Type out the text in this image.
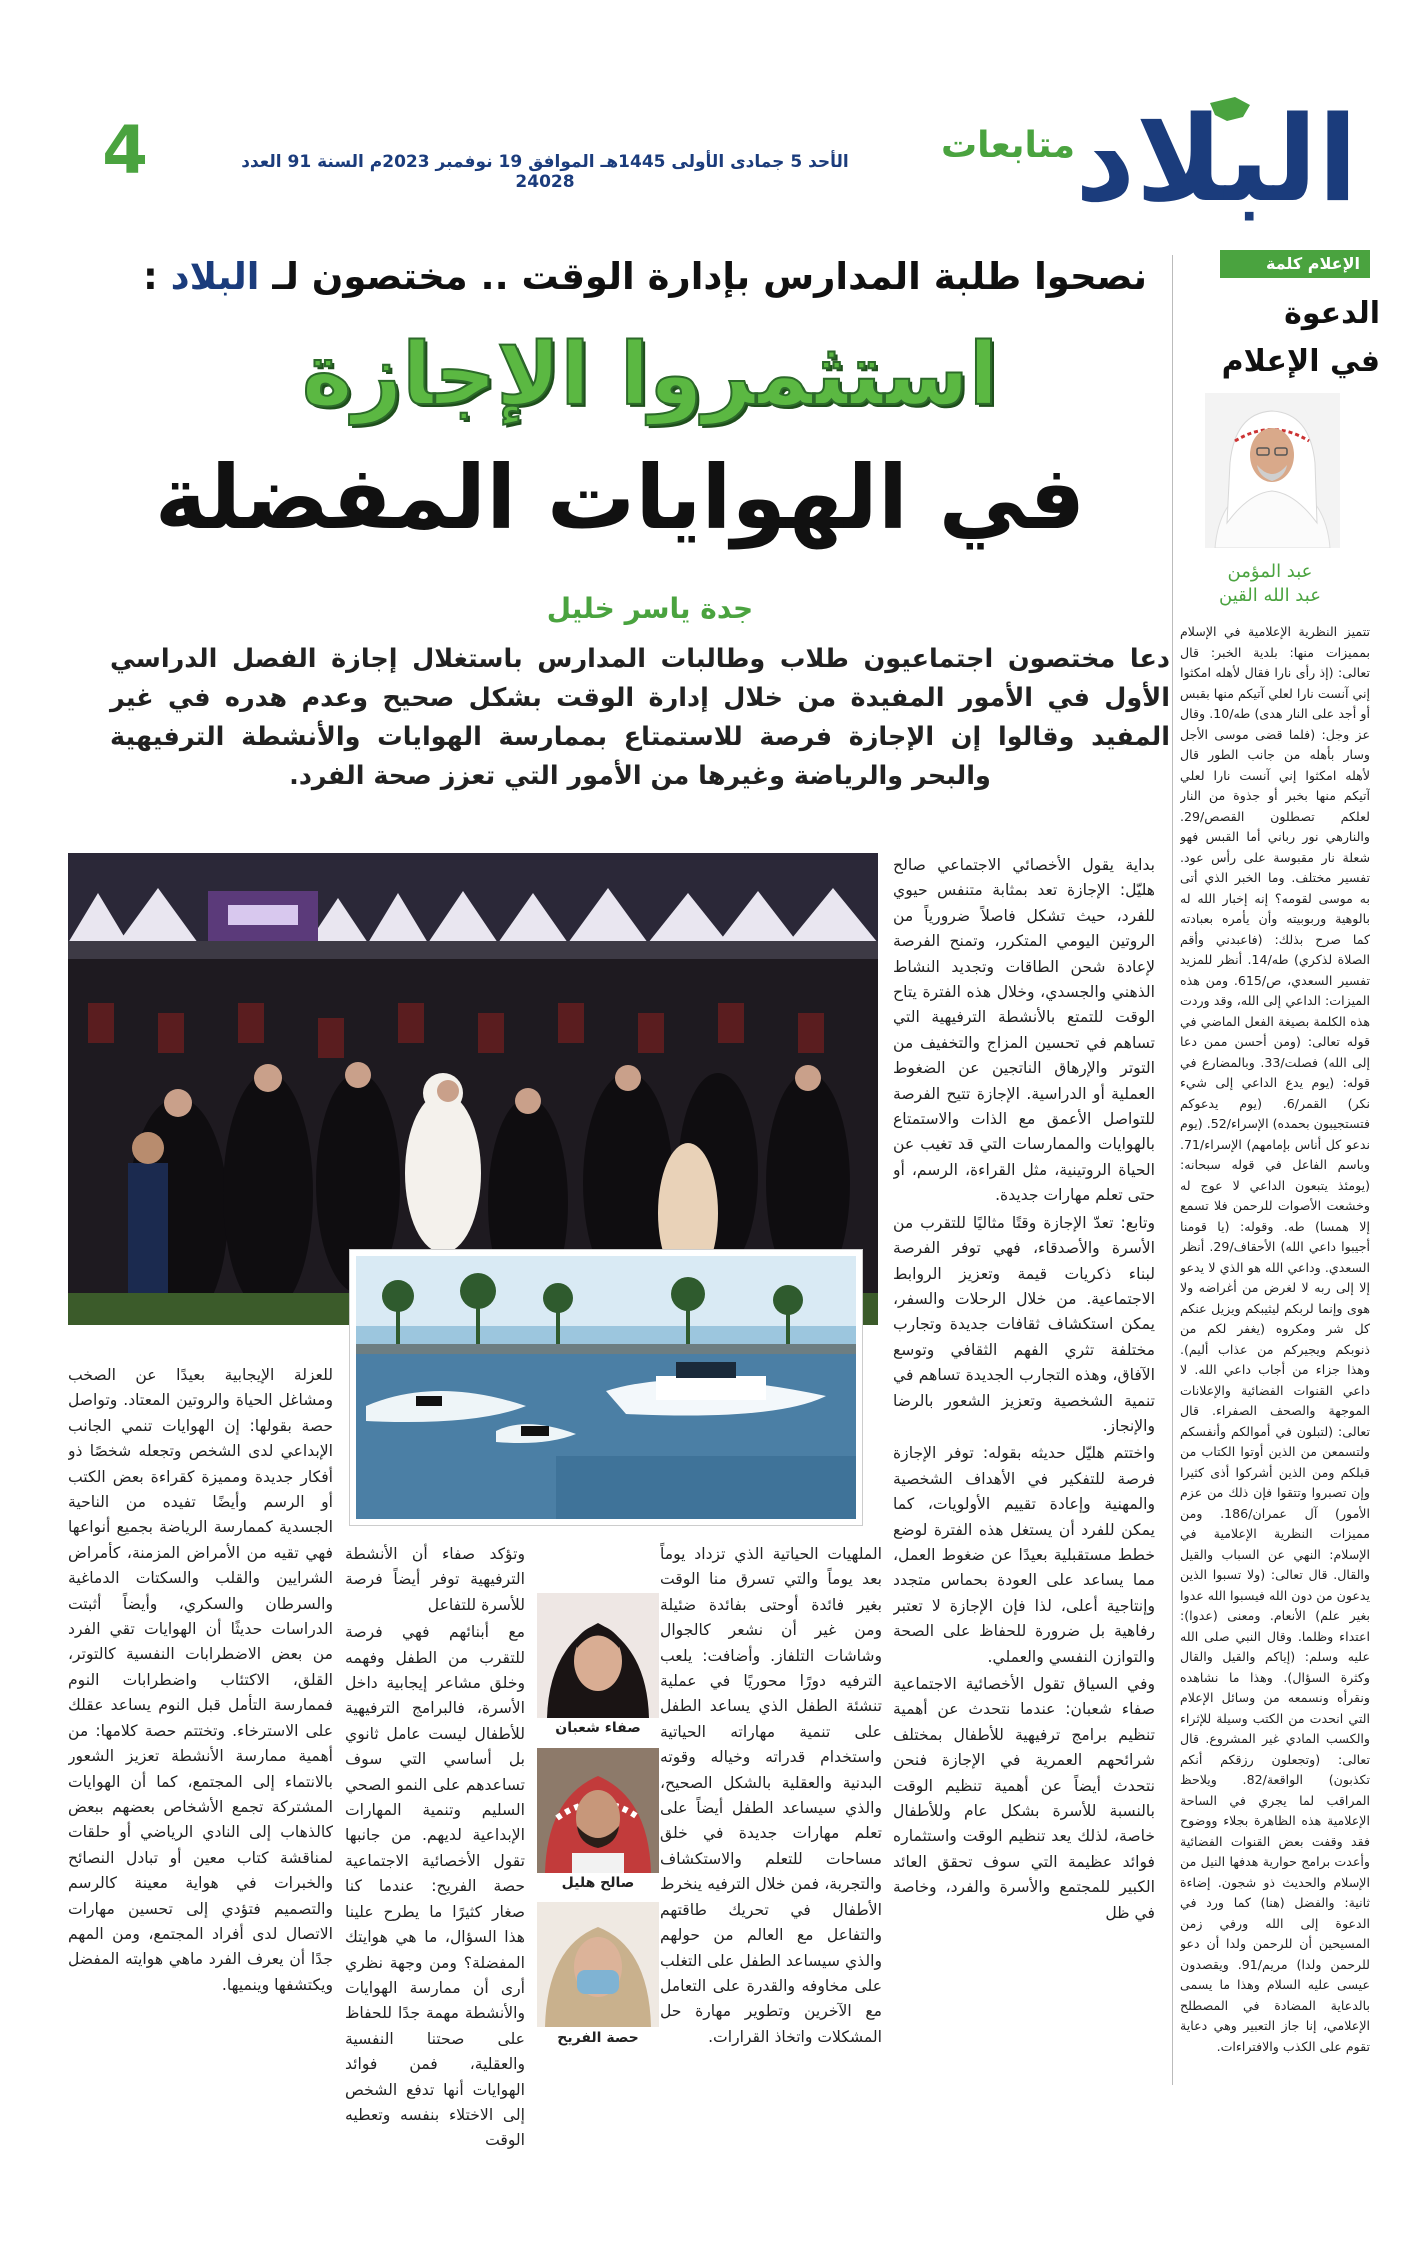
البلاد
متابعات
الأحد 5 جمادى الأولى 1445هـ الموافق 19 نوفمبر 2023م السنة 91 العدد 24028
4
الإعلام كلمة
الدعوة
في الإعلام
عبد المؤمن
عبد الله القين
تتميز النظرية الإعلامية في الإسلام بمميزات منها: بلدية الخبر: قال تعالى: (إذ رأى نارا فقال لأهله امكثوا إني آنست نارا لعلي آتيكم منها بقبس أو أجد على النار هدى) طه/10. وقال عز وجل: (فلما قضى موسى الأجل وسار بأهله من جانب الطور قال لأهله امكثوا إني آنست نارا لعلي آتيكم منها بخبر أو جذوة من النار لعلكم تصطلون القصص/29. والنارهي نور رباني أما القبس فهو شعلة نار مقبوسة على رأس عود. تفسير مختلف. وما الخبر الذي أتى به موسى لقومه؟ إنه إخبار الله له بالوهية وربوبيته وأن يأمره بعبادته كما صرح بذلك: (فاعبدني وأقم الصلاة لذكري) طه/14. أنظر للمزيد تفسير السعدي، ص/615. ومن هذه الميزات: الداعي إلى الله، وقد وردت هذه الكلمة بصيغة الفعل الماضي في قوله تعالى: (ومن أحسن ممن دعا إلى الله) فصلت/33. وبالمضارع في قوله: (يوم يدع الداعي إلى شيء نكر) القمر/6. (يوم يدعوكم فتستجيبون بحمده) الإسراء/52. (يوم ندعو كل أناس بإمامهم) الإسراء/71. وباسم الفاعل في قوله سبحانه: (يومئذ يتبعون الداعي لا عوج له وخشعت الأصوات للرحمن فلا تسمع إلا همسا) طه. وقوله: (يا قومنا أجيبوا داعي الله) الأحقاف/29. أنظر السعدي. وداعي الله هو الذي لا يدعو إلا إلى ربه لا لغرض من أغراضه ولا هوى وإنما لربكم ليثيبكم ويزيل عنكم كل شر ومكروه (يغفر لكم من ذنوبكم ويجيركم من عذاب أليم). وهذا جزاء من أجاب داعي الله. لا داعي القنوات الفضائية والإعلانات الموجهة والصحف الصفراء. قال تعالى: (لتبلون في أموالكم وأنفسكم ولتسمعن من الذين أوتوا الكتاب من قبلكم ومن الذين أشركوا أذى كثيرا وإن تصبروا وتتقوا فإن ذلك من عزم الأمور) آل عمران/186. ومن مميزات النظرية الإعلامية في الإسلام: النهي عن السباب والقيل والقال. قال تعالى: (ولا تسبوا الذين يدعون من دون الله فيسبوا الله عدوا بغير علم) الأنعام. ومعنى (عدوا): اعتداء وظلما. وقال النبي صلى الله عليه وسلم: (إياكم والقيل والقال وكثرة السؤال). وهذا ما نشاهده ونقرأه ونسمعه من وسائل الإعلام التي انحدت من الكتب وسيلة للإثراء والكسب المادي غير المشروع. قال تعالى: (وتجعلون رزقكم أنكم تكذبون) الواقعة/82. ويلاحظ المراقب لما يجري في الساحة الإعلامية هذه الظاهرة بجلاء ووضوح فقد وقفت بعض القنوات الفضائية وأعدت برامج حوارية هدفها النيل من الإسلام والحديث ذو شجون. إضاءة ثانية: والفضل (هنا) كما ورد في الدعوة إلى الله ورفي زمن المسيحين أن للرحمن ولدا أن دعو للرحمن ولدا) مريم/91. ويقصدون عيسى عليه السلام وهذا ما يسمى بالدعاية المضادة في المصطلح الإعلامي، إنا جاز التعبير وهي دعاية تقوم على الكذب والافتراءات.
نصحوا طلبة المدارس بإدارة الوقت .. مختصون لـ البلاد :
استثمروا الإجازة
في الهوايات المفضلة
جدة ياسر خليل
دعا مختصون اجتماعيون طلاب وطالبات المدارس باستغلال إجازة الفصل الدراسي الأول في الأمور المفيدة من خلال إدارة الوقت بشكل صحيح وعدم هدره في غير المفيد وقالوا إن الإجازة فرصة للاستمتاع بممارسة الهوايات والأنشطة الترفيهية والبحر والرياضة وغيرها من الأمور التي تعزز صحة الفرد.
صفاء شعبان
صالح هليل
حصة الفريح

بداية يقول الأخصائي الاجتماعي صالح هليّل: الإجازة تعد بمثابة متنفس حيوي للفرد، حيث تشكل فاصلاً ضرورياً من الروتين اليومي المتكرر، وتمنح الفرصة لإعادة شحن الطاقات وتجديد النشاط الذهني والجسدي، وخلال هذه الفترة يتاح الوقت للتمتع بالأنشطة الترفيهية التي تساهم في تحسين المزاج والتخفيف من التوتر والإرهاق الناتجين عن الضغوط العملية أو الدراسية. الإجازة تتيح الفرصة للتواصل الأعمق مع الذات والاستمتاع بالهوايات والممارسات التي قد تغيب عن الحياة الروتينية، مثل القراءة، الرسم، أو حتى تعلم مهارات جديدة.

وتابع: تعدّ الإجازة وقتًا مثاليًا للتقرب من الأسرة والأصدقاء، فهي توفر الفرصة لبناء ذكريات قيمة وتعزيز الروابط الاجتماعية. من خلال الرحلات والسفر، يمكن استكشاف ثقافات جديدة وتجارب مختلفة تثري الفهم الثقافي وتوسع الآفاق، وهذه التجارب الجديدة تساهم في تنمية الشخصية وتعزيز الشعور بالرضا والإنجاز.

واختتم هليّل حديثه بقوله: توفر الإجازة فرصة للتفكير في الأهداف الشخصية والمهنية وإعادة تقييم الأولويات، كما يمكن للفرد أن يستغل هذه الفترة لوضع خطط مستقبلية بعيدًا عن ضغوط العمل، مما يساعد على العودة بحماس متجدد وإنتاجية أعلى، لذا فإن الإجازة لا تعتبر رفاهية بل ضرورة للحفاظ على الصحة والتوازن النفسي والعملي.

وفي السياق تقول الأخصائية الاجتماعية صفاء شعبان: عندما نتحدث عن أهمية تنظيم برامج ترفيهية للأطفال بمختلف شرائحهم العمرية في الإجازة فنحن نتحدث أيضاً عن أهمية تنظيم الوقت بالنسبة للأسرة بشكل عام وللأطفال خاصة، لذلك يعد تنظيم الوقت واستثماره فوائد عظيمة التي سوف تحقق العائد الكبير للمجتمع والأسرة والفرد، وخاصة في ظل

الملهيات الحياتية الذي تزداد يوماً بعد يوماً والتي تسرق منا الوقت بغير فائدة أوحتى بفائدة ضئيلة ومن غير أن نشعر كالجوال وشاشات التلفاز. وأضافت: يلعب الترفيه دورًا محوريًا في عملية تنشئة الطفل الذي يساعد الطفل على تنمية مهاراته الحياتية واستخدام قدراته وخياله وقوته البدنية والعقلية بالشكل الصحيح، والذي سيساعد الطفل أيضاً على تعلم مهارات جديدة في خلق مساحات للتعلم والاستكشاف والتجربة، فمن خلال الترفيه ينخرط الأطفال في تحريك طاقتهم والتفاعل مع العالم من حولهم والذي سيساعد الطفل على التغلب على مخاوفه والقدرة على التعامل مع الآخرين وتطوير مهارة حل المشكلات واتخاذ القرارات.

وتؤكد صفاء أن الأنشطة الترفيهية توفر أيضاً فرصة للأسرة للتفاعل

مع أبنائهم فهي فرصة للتقرب من الطفل وفهمه وخلق مشاعر إيجابية داخل الأسرة، فالبرامج الترفيهية للأطفال ليست عامل ثانوي بل أساسي التي سوف تساعدهم على النمو الصحي السليم وتنمية المهارات الإبداعية لديهم. من جانبها تقول الأخصائية الاجتماعية حصة الفريح: عندما كنا صغار كثيرًا ما يطرح علينا هذا السؤال، ما هي هوايتك المفضلة؟ ومن وجهة نظري أرى أن ممارسة الهوايات والأنشطة مهمة جدًا للحفاظ على صحتنا النفسية والعقلية، فمن فوائد الهوايات أنها تدفع الشخص إلى الاختلاء بنفسه وتعطيه الوقت

للعزلة الإيجابية بعيدًا عن الصخب ومشاغل الحياة والروتين المعتاد. وتواصل حصة بقولها: إن الهوايات تنمي الجانب الإبداعي لدى الشخص وتجعله شخصًا ذو أفكار جديدة ومميزة كقراءة بعض الكتب أو الرسم وأيضًا تفيده من الناحية الجسدية كممارسة الرياضة بجميع أنواعها فهي تقيه من الأمراض المزمنة، كأمراض الشرايين والقلب والسكتات الدماغية والسرطان والسكري، وأيضاً أثبتت الدراسات حديثًا أن الهوايات تقي الفرد من بعض الاضطرابات النفسية كالتوتر، القلق، الاكتئاب واضطرابات النوم فممارسة التأمل قبل النوم يساعد عقلك على الاسترخاء. وتختتم حصة كلامها: من أهمية ممارسة الأنشطة تعزيز الشعور بالانتماء إلى المجتمع، كما أن الهوايات المشتركة تجمع الأشخاص بعضهم ببعض كالذهاب إلى النادي الرياضي أو حلقات لمناقشة كتاب معين أو تبادل النصائح والخبرات في هواية معينة كالرسم والتصميم فتؤدي إلى تحسين مهارات الاتصال لدى أفراد المجتمع، ومن المهم جدًا أن يعرف الفرد ماهي هوايته المفضل ويكتشفها وينميها.
